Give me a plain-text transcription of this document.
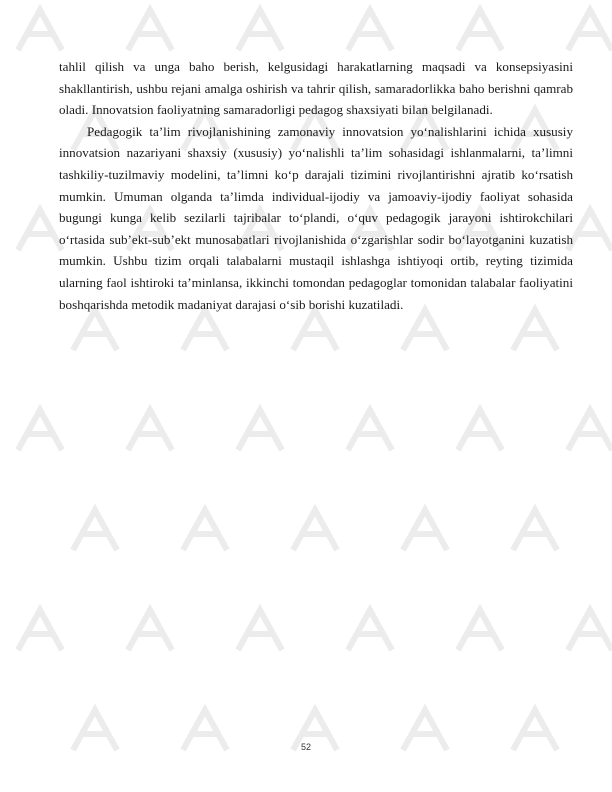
tahlil qilish va unga baho berish, kelgusidagi harakatlarning maqsadi va konsepsiyasini shakllantirish, ushbu rejani amalga oshirish va tahrir qilish, samaradorlikka baho berishni qamrab oladi. Innovatsion faoliyatning samaradorligi pedagog shaxsiyati bilan belgilanadi.

Pedagogik ta’lim rivojlanishining zamonaviy innovatsion yo‘nalishlarini ichida xususiy innovatsion nazariyani shaxsiy (xususiy) yo‘nalishli ta’lim sohasidagi ishlanmalarni, ta’limni tashkiliy-tuzilmaviy modelini, ta’limni ko‘p darajali tizimini rivojlantirishni ajratib ko‘rsatish mumkin. Umuman olganda ta’limda individual-ijodiy va jamoaviy-ijodiy faoliyat sohasida bugungi kunga kelib sezilarli tajribalar to‘plandi, o‘quv pedagogik jarayoni ishtirokchilari o‘rtasida sub’ekt-sub’ekt munosabatlari rivojlanishida o‘zgarishlar sodir bo‘layotganini kuzatish mumkin. Ushbu tizim orqali talabalarni mustaqil ishlashga ishtiyoqi ortib, reyting tizimida ularning faol ishtiroki ta’minlansa, ikkinchi tomondan pedagoglar tomonidan talabalar faoliyatini boshqarishda metodik madaniyat darajasi o‘sib borishi kuzatiladi.

52
